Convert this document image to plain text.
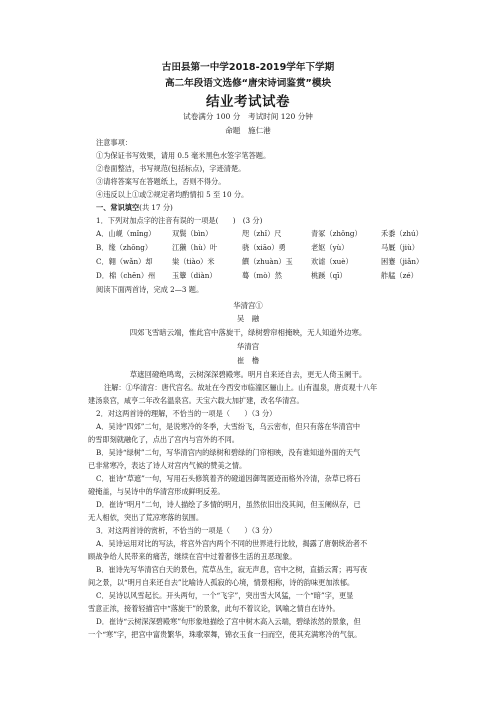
古田县第一中学2018-2019学年下学期
高二年段语文选修“唐宋诗词鉴赏”模块
结业考试试卷
试卷满分 100 分　考试时间 120 分钟
命题　施仁港
注意事项：
①为保证书写效果，请用 0.5 毫米黑色水签字笔答题。
②卷面整洁，书写规范(包括标点)，字迹清楚。
③请将答案写在答题纸上，否则不得分。
④违反以上①或②规定者均酌情扣 5 至 10 分。
一、常识填空(共 17 分)
1．下列对加点字的注音有误的一项是(　　)　(3 分)
A．山岘（mǐng） 双鬓（bìn）	咫（zhǐ）尺	青冢（zhǒng）	禾黍（zhú）
B．缘（zhōng）	江獭（hù）叶	骁（xiāo）勇	老妪（yù）	马厩（jiù）
C．翱（wǎn）却	粜（tiào）米	饌（zhuàn）玉	欢谑（xuè）	困蹇（jiǎn）
D．棉（chēn）州 玉簟（diàn）	蓦（mò）然	桃蹊（qī）	舴艋（zé）
阅读下面两首诗，完成 2—3 题。
华清宫①
吴　融
四郊飞雪暗云端，惟此宫中落旋干，绿树碧帘相掩映，无人知道外边寒。
华清宫
崔　橹
草遮回磴绝鸣鸾，云树深深碧殿寒。明月自来还自去，更无人倚玉阑干。
注解：①华清宫：唐代宫名。故址在今西安市临潼区骊山上。山有温泉，唐贞观十八年
建汤泉宫，咸亨二年改名温泉宫。天宝六载大加扩建，改名华清宫。
2．对这两首诗的理解，不恰当的一项是（　　）（3 分）
A．吴诗“四郊”二句，是说寒冷的冬季，大雪纷飞，乌云密布，但只有落在华清宫中
的雪即刻就融化了，点出了宫内与宫外的不同。
B．吴诗“绿树”二句，写华清宫内的绿树和碧绿的门帘相映，没有谁知道外面的天气
已非常寒冷，表达了诗人对宫内气候的赞美之情。
C．崔诗“草遮”一句，写用石头修筑着齐的磴道因御驾匿迹而格外冷清，杂草已将石
磴掩盖，与吴诗中的华清宫形成鲜明反差。
D．崔诗“明月”二句，诗人描绘了多情的明月，虽然依旧出没其间，但玉阑纵存，已
无人相依，突出了荒凉寒落的氛围。
3．对这两首诗的赏析，不恰当的一项是（　　）（3 分）
A．吴诗运用对比的写法，将宫外宫内两个不同的世界进行比较，揭露了唐朝统治者不
顾战争给人民带来的痛苦，继续在宫中过着奢侈生活的丑恶现象。
B．崔诗先写华清宫白天的景色，荒草丛生，寂无声息，宫中之树，直插云霄；再写夜
间之景，以“明月自来还自去”比喻诗人孤寂的心境，情景相称，诗的韵味更加浓郁。
C．吴诗以风雪起长。开头两句，一个“飞字”，突出雪大风猛，一个“暗”字，更显
雪意正浓，接着轻描宫中“落旋干”的景象，此句不着议论，讽喻之情自在诗外。
D．崔诗“云树深深碧殿寒”句形象地描绘了宫中树木高入云端，碧绿浓然的景象，但
一个“寒”字，把宫中富贵繁华，珠歌翠舞，锦衣玉食一扫而空，使其充满寒冷的气氛。
